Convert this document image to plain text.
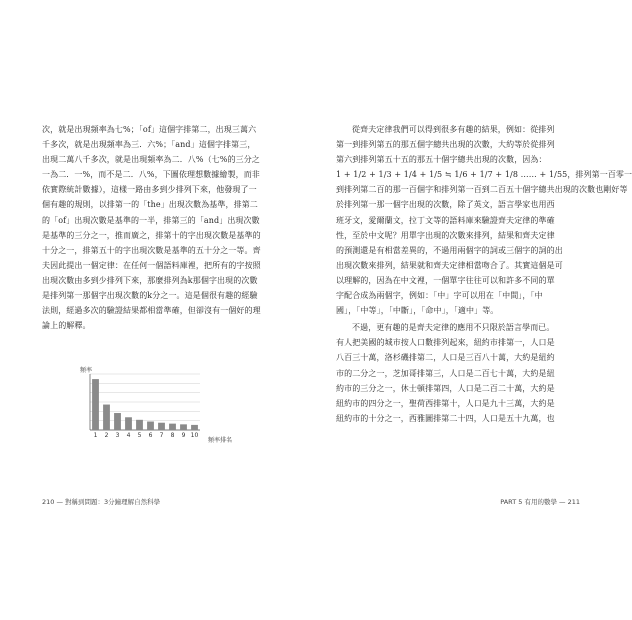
次，就是出現頻率為七%；「of」這個字排第二，出現三萬六
千多次，就是出現頻率為三．六%；「and」這個字排第三，
出現二萬八千多次，就是出現頻率為二．八%（七%的三分之
一為二．一%，而不是二．八%，下圖依理想數據繪製，而非
依實際統計數據），這樣一路由多到少排列下來，他發現了一
個有趣的規則，以排第一的「the」出現次數為基準，排第二
的「of」出現次數是基準的一半，排第三的「and」出現次數
是基準的三分之一，推而廣之，排第十的字出現次數是基準的
十分之一，排第五十的字出現次數是基準的五十分之一等。齊
夫因此提出一個定律：在任何一個語料庫裡，把所有的字按照
出現次數由多到少排列下來，那麼排列為k那個字出現的次數
是排列第一那個字出現次數的k分之一。這是個很有趣的經驗
法則，經過多次的驗證結果都相當準確，但卻沒有一個好的理
論上的解釋。
頻率
頻率排名
1 2 3 4 5 6 7 8 9 10
210 — 對稱到問題：3分鐘理解自然科學	PART 5 有用的數學 — 211
從齊夫定律我們可以得到很多有趣的結果，例如：從排列
第一到排列第五的那五個字總共出現的次數，大約等於從排列
第六到排列第五十五的那五十個字總共出現的次數，因為：
1 + 1/2 + 1/3 + 1/4 + 1/5 ≒ 1/6 + 1/7 + 1/8 …… + 1/55，排列第一百零一
到排列第二百的那一百個字和排列第一百到二百五十個字總共出現的次數也剛好等
於排列第一那一個字出現的次數，除了英文，語言學家也用西
班牙文，愛爾蘭文，拉丁文等的語料庫來驗證齊夫定律的準確
性，至於中文呢？用單字出現的次數來排列，結果和齊夫定律
的預測還是有相當差異的，不過用兩個字的詞或三個字的詞的出
出現次數來排列，結果就和齊夫定律相當吻合了。其實這個是可
以理解的，因為在中文裡，一個單字往往可以和許多不同的單
字配合成為兩個字，例如：「中」字可以用在「中間」，「中
國」，「中等」，「中斷」，「命中」，「適中」等。
不過，更有趣的是齊夫定律的應用不只限於語言學而已。
有人把美國的城市按人口數排列起來，紐約市排第一，人口是
八百三十萬，洛杉磯排第二，人口是三百八十萬，大約是紐約
市的二分之一，芝加哥排第三，人口是二百七十萬，大約是紐
約市的三分之一，休士頓排第四，人口是二百二十萬，大約是
紐約市的四分之一，聖荷西排第十，人口是九十三萬，大約是
紐約市的十分之一，西雅圖排第二十四，人口是五十九萬，也
